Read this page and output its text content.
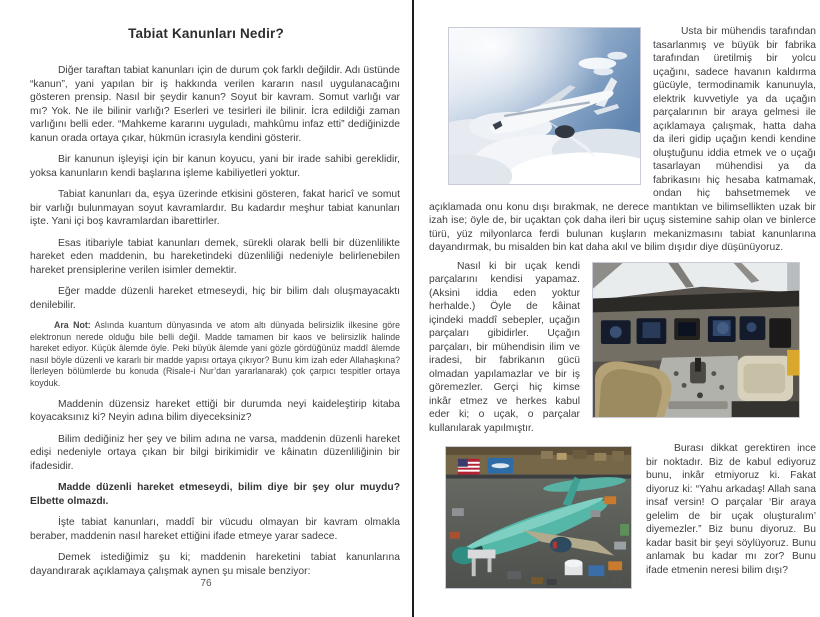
Tabiat Kanunları Nedir?

Diğer taraftan tabiat kanunları için de durum çok farklı değildir. Adı üstünde “kanun”, yani yapılan bir iş hakkında verilen kararın nasıl uygulanacağını gösteren prensip. Nasıl bir şeydir kanun? Soyut bir kavram. Somut varlığı var mı? Yok. Ne ile bilinir varlığı? Eserleri ve tesirleri ile bilinir. İcra edildiği zaman varlığını belli eder. “Mahkeme kararını uyguladı, mahkûmu infaz etti” dediğinizde kanun orada ortaya çıkar, hükmün icrasıyla kendini gösterir.

Bir kanunun işleyişi için bir kanun koyucu, yani bir irade sahibi gereklidir, yoksa kanunların kendi başlarına işleme kabiliyetleri yoktur.

Tabiat kanunları da, eşya üzerinde etkisini gösteren, fakat haricî ve somut bir varlığı bulunmayan soyut kavramlardır. Bu kadardır meşhur tabiat kanunları işte. Yani içi boş kavramlardan ibarettirler.

Esas itibariyle tabiat kanunları demek, sürekli olarak belli bir düzenlilikte hareket eden maddenin, bu hareketindeki düzenliliği nedeniyle belirlenebilen hareket prensiplerine verilen isimler demektir.

Eğer madde düzenli hareket etmeseydi, hiç bir bilim dalı oluşmayacaktı denilebilir.

Ara Not: Aslında kuantum dünyasında ve atom altı dünyada belirsizlik ilkesine göre elektronun nerede olduğu bile belli değil. Madde tamamen bir kaos ve belirsizlik halinde hareket ediyor. Küçük âlemde öyle. Peki büyük âlemde yani gözle gördüğünüz maddî âlemde nasıl böyle düzenli ve kararlı bir madde yapısı ortaya çıkıyor? Bunu kim izah eder Allahaşkına? İlerleyen bölümlerde bu konuda (Risale-i Nur’dan yararlanarak) çok çarpıcı tespitler ortaya koyduk.

Maddenin düzensiz hareket ettiği bir durumda neyi kaideleştirip kitaba koyacaksınız ki? Neyin adına bilim diyeceksiniz?

Bilim dediğiniz her şey ve bilim adına ne varsa, maddenin düzenli hareket edişi nedeniyle ortaya çıkan bir bilgi birikimidir ve kâinatın düzenliliğinin bir ifadesidir.

Madde düzenli hareket etmeseydi, bilim diye bir şey olur muydu? Elbette olmazdı.

İşte tabiat kanunları, maddî bir vücudu olmayan bir kavram olmakla beraber, maddenin nasıl hareket ettiğini ifade etmeye yarar sadece.

Demek istediğimiz şu ki; maddenin hareketini tabiat kanunlarına dayandırarak açıklamaya çalışmak aynen şu misale benziyor:

76

Usta bir mühendis tarafından tasarlanmış ve büyük bir fabrika tarafından üretilmiş bir yolcu uçağını, sadece havanın kaldırma gücüyle, termodinamik kanunuyla, elektrik kuvvetiyle ya da uçağın parçalarının bir araya gelmesi ile açıklamaya çalışmak, hatta daha da ileri gidip uçağın kendi kendine oluştuğunu iddia etmek ve o uçağı tasarlayan mühendisi ya da fabrikasını hiç hesaba katmamak, ondan hiç bahsetmemek ve açıklamada onu konu dışı bırakmak, ne derece mantıktan ve bilimsellikten uzak bir izah ise; öyle de, bir uçaktan çok daha ileri bir uçuş sistemine sahip olan ve binlerce türü, yüz milyonlarca ferdi bulunan kuşların mekanizmasını tabiat kanunlarına dayandırmak, bu misalden bin kat daha akıl ve bilim dışıdır diye düşünüyoruz.

Nasıl ki bir uçak kendi parçalarını kendisi yapamaz. (Aksini iddia eden yoktur herhalde.) Öyle de kâinat içindeki maddî sebepler, uçağın parçaları gibidirler. Uçağın parçaları, bir mühendisin ilim ve iradesi, bir fabrikanın gücü olmadan yapılamazlar ve bir iş göremezler. Gerçi hiç kimse inkâr etmez ve herkes kabul eder ki; o uçak, o parçalar kullanılarak yapılmıştır.

Burası dikkat gerektiren ince bir noktadır. Biz de kabul ediyoruz bunu, inkâr etmiyoruz ki. Fakat diyoruz ki: “Yahu arkadaş! Allah sana insaf versin! O parçalar ‘Bir araya gelelim de bir uçak oluşturalım’ diyemezler.” Biz bunu diyoruz. Bu kadar basit bir şeyi söylüyoruz. Bunu anlamak bu kadar mı zor? Bunu ifade etmenin neresi bilim dışı?

77
